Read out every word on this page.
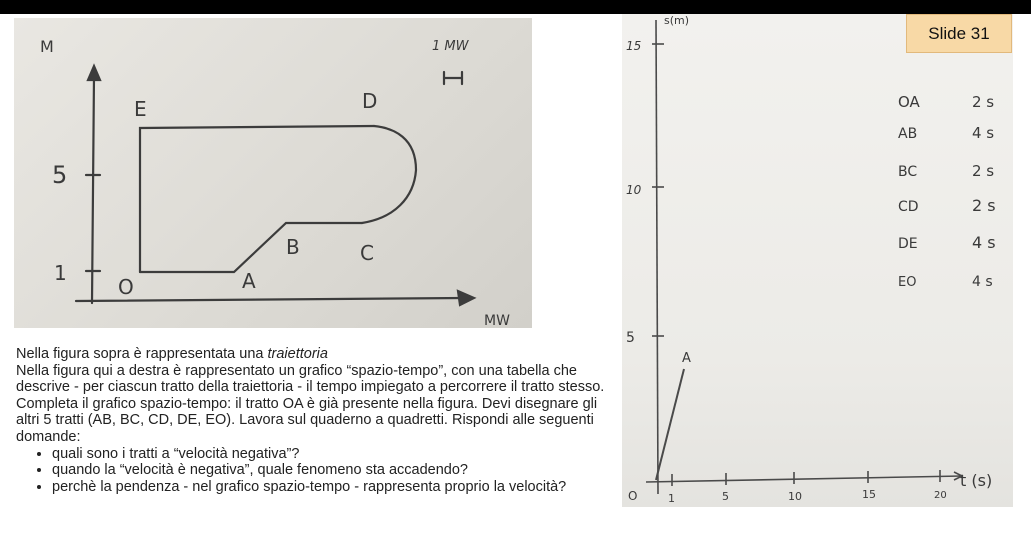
M
MW
1 MW
5
1
O	A
B	C
D
E
s(m)
t (s)
15
10
5
O	1	5	10	15	20
A
OA	2 s
AB	4 s
BC	2 s
CD	2 s
DE	4 s
EO	4 s
Slide 31

Nella figura sopra è rappresentata una traiettoria

Nella figura qui a destra è rappresentato un grafico “spazio-tempo”, con una tabella che descrive - per ciascun tratto della traiettoria - il tempo impiegato a percorrere il tratto stesso. Completa il grafico spazio-tempo: il tratto OA è già presente nella figura. Devi disegnare gli altri 5 tratti (AB, BC, CD, DE, EO). Lavora sul quaderno a quadretti. Rispondi alle seguenti domande:

• quali sono i tratti a “velocità negativa”?
• quando la “velocità è negativa”, quale fenomeno sta accadendo?
• perchè la pendenza - nel grafico spazio-tempo - rappresenta proprio la velocità?
